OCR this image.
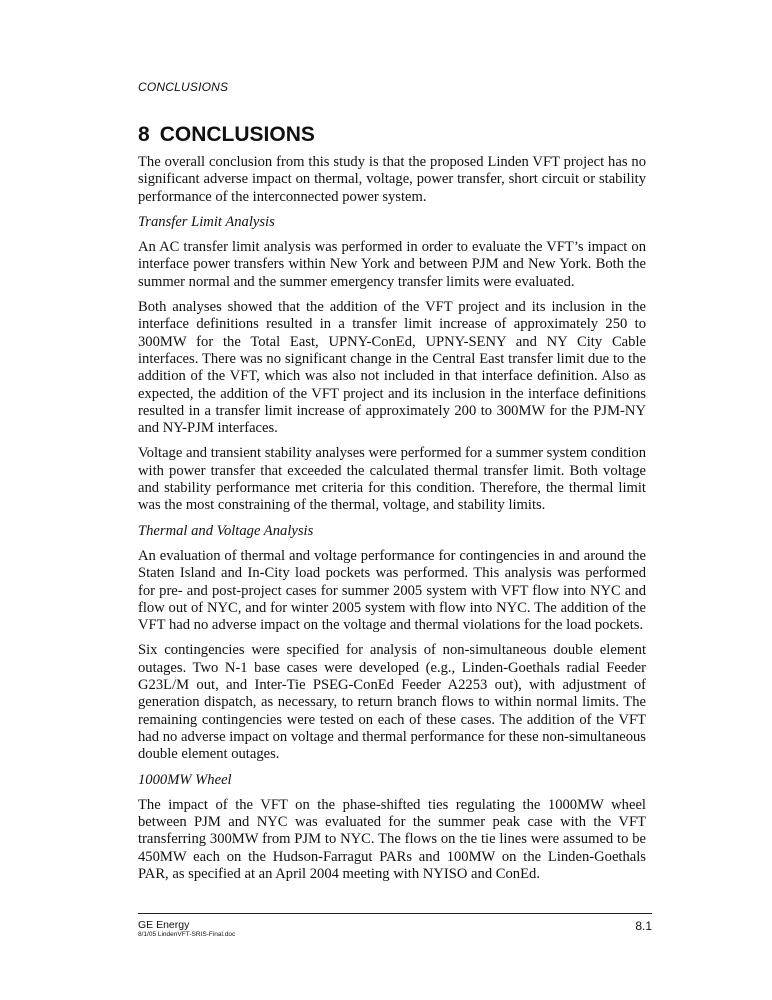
CONCLUSIONS
8 CONCLUSIONS

The overall conclusion from this study is that the proposed Linden VFT project has no significant adverse impact on thermal, voltage, power transfer, short circuit or stability performance of the interconnected power system.

Transfer Limit Analysis

An AC transfer limit analysis was performed in order to evaluate the VFT’s impact on interface power transfers within New York and between PJM and New York. Both the summer normal and the summer emergency transfer limits were evaluated.

Both analyses showed that the addition of the VFT project and its inclusion in the interface definitions resulted in a transfer limit increase of approximately 250 to 300MW for the Total East, UPNY-ConEd, UPNY-SENY and NY City Cable interfaces. There was no significant change in the Central East transfer limit due to the addition of the VFT, which was also not included in that interface definition. Also as expected, the addition of the VFT project and its inclusion in the interface definitions resulted in a transfer limit increase of approximately 200 to 300MW for the PJM-NY and NY-PJM interfaces.

Voltage and transient stability analyses were performed for a summer system condition with power transfer that exceeded the calculated thermal transfer limit. Both voltage and stability performance met criteria for this condition. Therefore, the thermal limit was the most constraining of the thermal, voltage, and stability limits.

Thermal and Voltage Analysis

An evaluation of thermal and voltage performance for contingencies in and around the Staten Island and In-City load pockets was performed. This analysis was performed for pre- and post-project cases for summer 2005 system with VFT flow into NYC and flow out of NYC, and for winter 2005 system with flow into NYC. The addition of the VFT had no adverse impact on the voltage and thermal violations for the load pockets.

Six contingencies were specified for analysis of non-simultaneous double element outages. Two N-1 base cases were developed (e.g., Linden-Goethals radial Feeder G23L/M out, and Inter-Tie PSEG-ConEd Feeder A2253 out), with adjustment of generation dispatch, as necessary, to return branch flows to within normal limits. The remaining contingencies were tested on each of these cases. The addition of the VFT had no adverse impact on voltage and thermal performance for these non-simultaneous double element outages.

1000MW Wheel

The impact of the VFT on the phase-shifted ties regulating the 1000MW wheel between PJM and NYC was evaluated for the summer peak case with the VFT transferring 300MW from PJM to NYC. The flows on the tie lines were assumed to be 450MW each on the Hudson-Farragut PARs and 100MW on the Linden-Goethals PAR, as specified at an April 2004 meeting with NYISO and ConEd.

GE Energy
8/1/05 LindenVFT-SRIS-Final.doc
8.1
